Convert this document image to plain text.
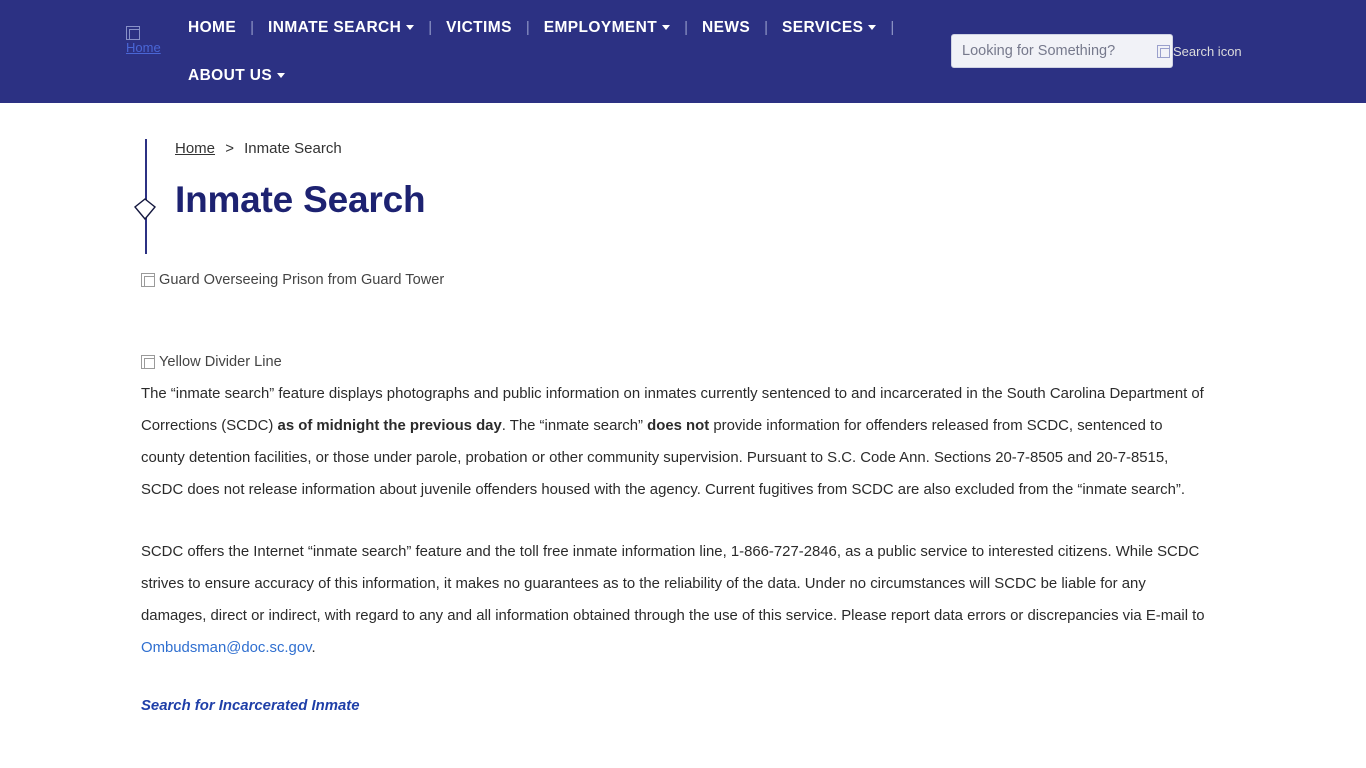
Home
HOME | INMATE SEARCH	| VICTIMS | EMPLOYMENT	| NEWS | SERVICES	|
ABOUT US
Looking for Something?
Search icon
Home > Inmate Search
Inmate Search
Guard Overseeing Prison from Guard Tower
Yellow Divider Line

The “inmate search” feature displays photographs and public information on inmates currently sentenced to and incarcerated in the South Carolina Department of Corrections (SCDC) as of midnight the previous day. The “inmate search” does not provide information for offenders released from SCDC, sentenced to county detention facilities, or those under parole, probation or other community supervision. Pursuant to S.C. Code Ann. Sections 20-7-8505 and 20-7-8515, SCDC does not release information about juvenile offenders housed with the agency. Current fugitives from SCDC are also excluded from the “inmate search”.

SCDC offers the Internet “inmate search” feature and the toll free inmate information line, 1-866-727-2846, as a public service to interested citizens. While SCDC strives to ensure accuracy of this information, it makes no guarantees as to the reliability of the data. Under no circumstances will SCDC be liable for any damages, direct or indirect, with regard to any and all information obtained through the use of this service. Please report data errors or discrepancies via E-mail to Ombudsman@doc.sc.gov.

Search for Incarcerated Inmate
